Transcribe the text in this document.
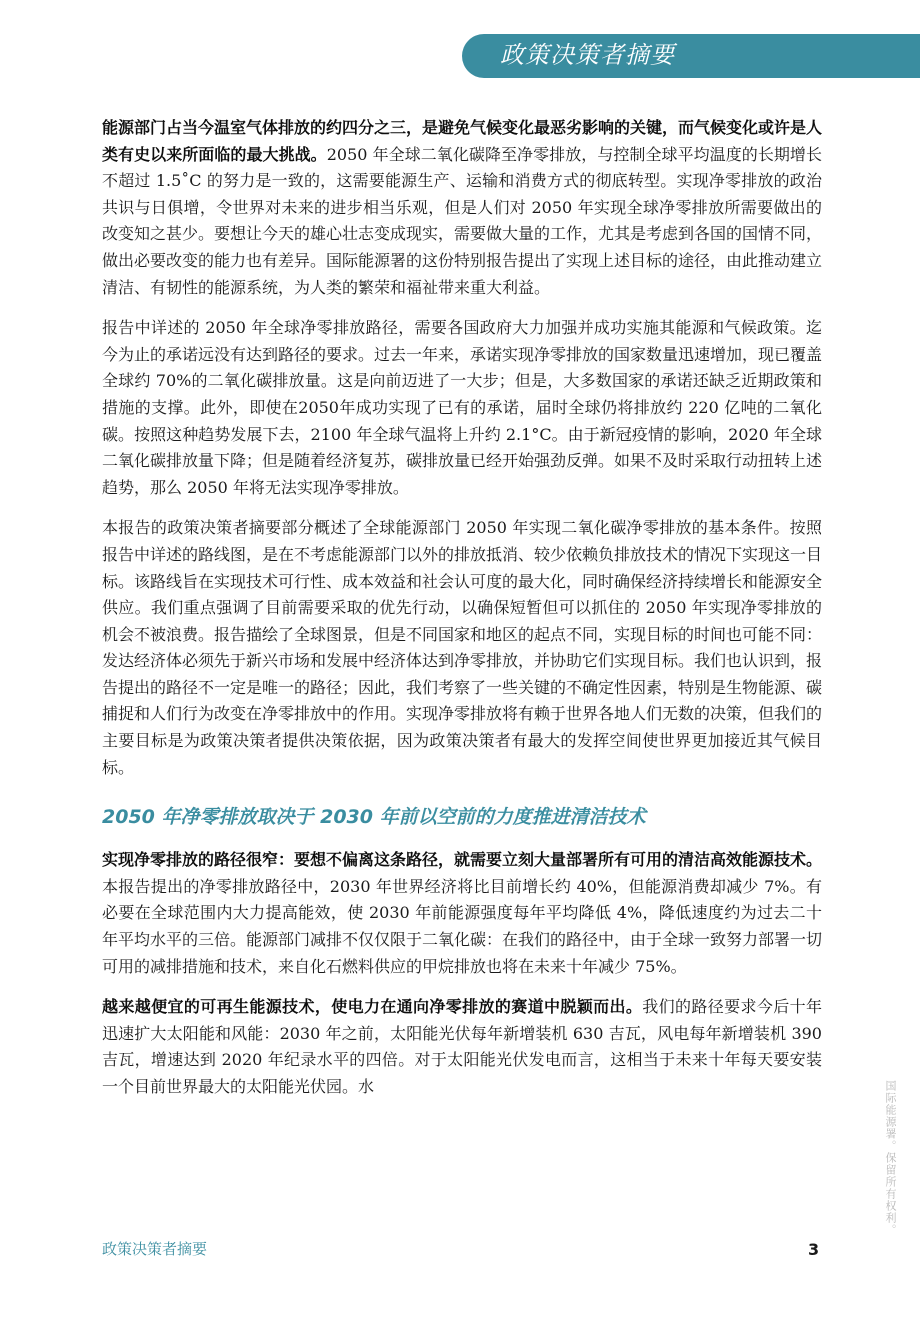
政策决策者摘要

能源部门占当今温室气体排放的约四分之三，是避免气候变化最恶劣影响的关键，而气候变化或许是人类有史以来所面临的最大挑战。2050 年全球二氧化碳降至净零排放，与控制全球平均温度的长期增长不超过 1.5˚C 的努力是一致的，这需要能源生产、运输和消费方式的彻底转型。实现净零排放的政治共识与日俱增，令世界对未来的进步相当乐观，但是人们对 2050 年实现全球净零排放所需要做出的改变知之甚少。要想让今天的雄心壮志变成现实，需要做大量的工作，尤其是考虑到各国的国情不同，做出必要改变的能力也有差异。国际能源署的这份特别报告提出了实现上述目标的途径，由此推动建立清洁、有韧性的能源系统，为人类的繁荣和福祉带来重大利益。

报告中详述的 2050 年全球净零排放路径，需要各国政府大力加强并成功实施其能源和气候政策。迄今为止的承诺远没有达到路径的要求。过去一年来，承诺实现净零排放的国家数量迅速增加，现已覆盖全球约 70%的二氧化碳排放量。这是向前迈进了一大步；但是，大多数国家的承诺还缺乏近期政策和措施的支撑。此外，即使在2050年成功实现了已有的承诺，届时全球仍将排放约 220 亿吨的二氧化碳。按照这种趋势发展下去，2100 年全球气温将上升约 2.1°C。由于新冠疫情的影响，2020 年全球二氧化碳排放量下降；但是随着经济复苏，碳排放量已经开始强劲反弹。如果不及时采取行动扭转上述趋势，那么 2050 年将无法实现净零排放。

本报告的政策决策者摘要部分概述了全球能源部门 2050 年实现二氧化碳净零排放的基本条件。按照报告中详述的路线图，是在不考虑能源部门以外的排放抵消、较少依赖负排放技术的情况下实现这一目标。该路线旨在实现技术可行性、成本效益和社会认可度的最大化，同时确保经济持续增长和能源安全供应。我们重点强调了目前需要采取的优先行动，以确保短暂但可以抓住的 2050 年实现净零排放的机会不被浪费。报告描绘了全球图景，但是不同国家和地区的起点不同，实现目标的时间也可能不同：发达经济体必须先于新兴市场和发展中经济体达到净零排放，并协助它们实现目标。我们也认识到，报告提出的路径不一定是唯一的路径；因此，我们考察了一些关键的不确定性因素，特别是生物能源、碳捕捉和人们行为改变在净零排放中的作用。实现净零排放将有赖于世界各地人们无数的决策，但我们的主要目标是为政策决策者提供决策依据，因为政策决策者有最大的发挥空间使世界更加接近其气候目标。

2050 年净零排放取决于 2030 年前以空前的力度推进清洁技术

实现净零排放的路径很窄：要想不偏离这条路径，就需要立刻大量部署所有可用的清洁高效能源技术。本报告提出的净零排放路径中，2030 年世界经济将比目前增长约 40%，但能源消费却减少 7%。有必要在全球范围内大力提高能效，使 2030 年前能源强度每年平均降低 4%，降低速度约为过去二十年平均水平的三倍。能源部门减排不仅仅限于二氧化碳：在我们的路径中，由于全球一致努力部署一切可用的减排措施和技术，来自化石燃料供应的甲烷排放也将在未来十年减少 75%。

越来越便宜的可再生能源技术，使电力在通向净零排放的赛道中脱颖而出。我们的路径要求今后十年迅速扩大太阳能和风能：2030 年之前，太阳能光伏每年新增装机 630 吉瓦，风电每年新增装机 390 吉瓦，增速达到 2020 年纪录水平的四倍。对于太阳能光伏发电而言，这相当于未来十年每天要安装一个目前世界最大的太阳能光伏园。水

政策决策者摘要	3
国际能源署。保留所有权利。
